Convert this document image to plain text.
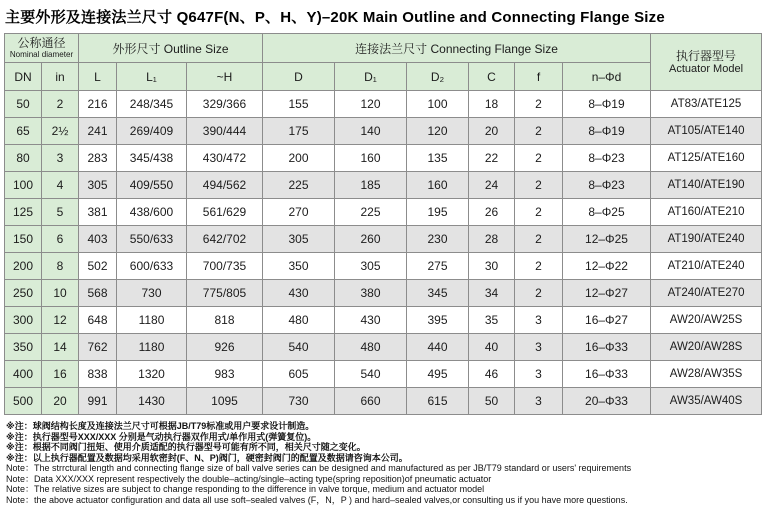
主要外形及连接法兰尺寸 Q647F(N、P、H、Y)–20K Main Outline and Connecting Flange Size
公称通径
Nominal diameter	外形尺寸 Outline Size	连接法兰尺寸 Connecting Flange Size	执行器型号
Actuator Model

DN	in	L	L₁	~H	D	D₁	D₂	C	f	n–Φd	
50	2	216	248/345	329/366	155	120	100	18	2	8–Φ19	AT83/ATE125
65	2½	241	269/409	390/444	175	140	120	20	2	8–Φ19	AT105/ATE140
80	3	283	345/438	430/472	200	160	135	22	2	8–Φ23	AT125/ATE160
100	4	305	409/550	494/562	225	185	160	24	2	8–Φ23	AT140/ATE190
125	5	381	438/600	561/629	270	225	195	26	2	8–Φ25	AT160/ATE210
150	6	403	550/633	642/702	305	260	230	28	2	12–Φ25	AT190/ATE240
200	8	502	600/633	700/735	350	305	275	30	2	12–Φ22	AT210/ATE240
250	10	568	730	775/805	430	380	345	34	2	12–Φ27	AT240/ATE270
300	12	648	1180	818	480	430	395	35	3	16–Φ27	AW20/AW25S
350	14	762	1180	926	540	480	440	40	3	16–Φ33	AW20/AW28S
400	16	838	1320	983	605	540	495	46	3	16–Φ33	AW28/AW35S
500	20	991	1430	1095	730	660	615	50	3	20–Φ33	AW35/AW40S
※注：球阀结构长度及连接法兰尺寸可根据JB/T79标准或用户要求设计制造。
※注：执行器型号XXX/XXX 分别是气动执行器双作用式/单作用式(弹簧复位)。
※注：根据不同阀门扭矩、使用介质适配的执行器型号可能有所不同，相关尺寸随之变化。
※注：以上执行器配置及数据均采用软密封(F、N、P)阀门，硬密封阀门的配置及数据请咨询本公司。
Note：The strrctural length and connecting flange size of ball valve series can be designed and manufactured as per JB/T79 standard or users' requirements
Note：Data XXX/XXX represent respectively the double–acting/single–acting type(spring reposition)of pneumatic actuator
Note：The relative sizes are subject to change responding to the difference in valve torque, medium and actuator model
Note：the above actuator configuration and data all use soft–sealed valves (F，N，P ) and hard–sealed valves,or consulting us if you have more questions.
